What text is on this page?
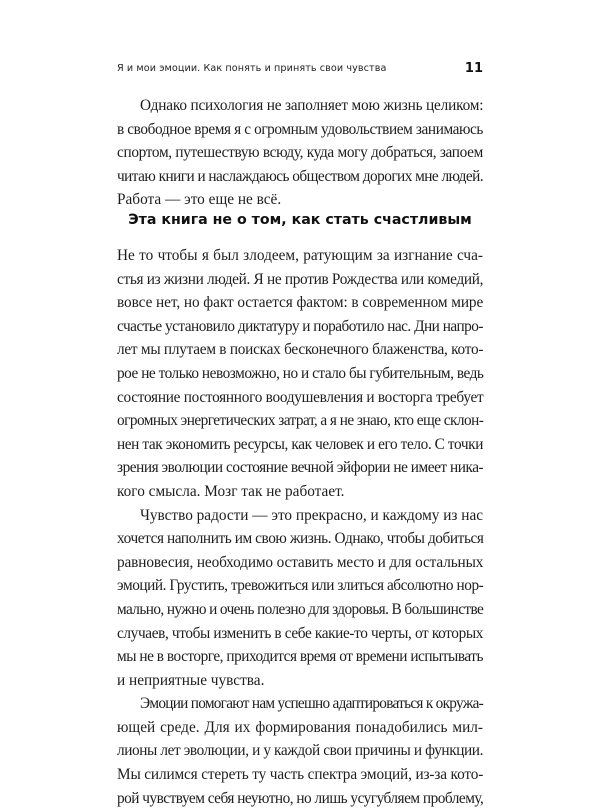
Я и мои эмоции. Как понять и принять свои чувства	11
Однако психология не заполняет мою жизнь целиком:
в свободное время я с огромным удовольствием занимаюсь
спортом, путешествую всюду, куда могу добраться, запоем
читаю книги и наслаждаюсь обществом дорогих мне людей.
Работа — это еще не всё.
Эта книга не о том, как стать счастливым
Не то чтобы я был злодеем, ратующим за изгнание сча-
стья из жизни людей. Я не против Рождества или комедий,
вовсе нет, но факт остается фактом: в современном мире
счастье установило диктатуру и поработило нас. Дни напро-
лет мы плутаем в поисках бесконечного блаженства, кото-
рое не только невозможно, но и стало бы губительным, ведь
состояние постоянного воодушевления и восторга требует
огромных энергетических затрат, а я не знаю, кто еще склон-
нен так экономить ресурсы, как человек и его тело. С точки
зрения эволюции состояние вечной эйфории не имеет ника-
кого смысла. Мозг так не работает.
Чувство радости — это прекрасно, и каждому из нас
хочется наполнить им свою жизнь. Однако, чтобы добиться
равновесия, необходимо оставить место и для остальных
эмоций. Грустить, тревожиться или злиться абсолютно нор-
мально, нужно и очень полезно для здоровья. В большинстве
случаев, чтобы изменить в себе какие-то черты, от которых
мы не в восторге, приходится время от времени испытывать
и неприятные чувства.
Эмоции помогают нам успешно адаптироваться к окружа-
ющей среде. Для их формирования понадобились мил-
лионы лет эволюции, и у каждой свои причины и функции.
Мы силимся стереть ту часть спектра эмоций, из-за кото-
рой чувствуем себя неуютно, но лишь усугубляем проблему,
